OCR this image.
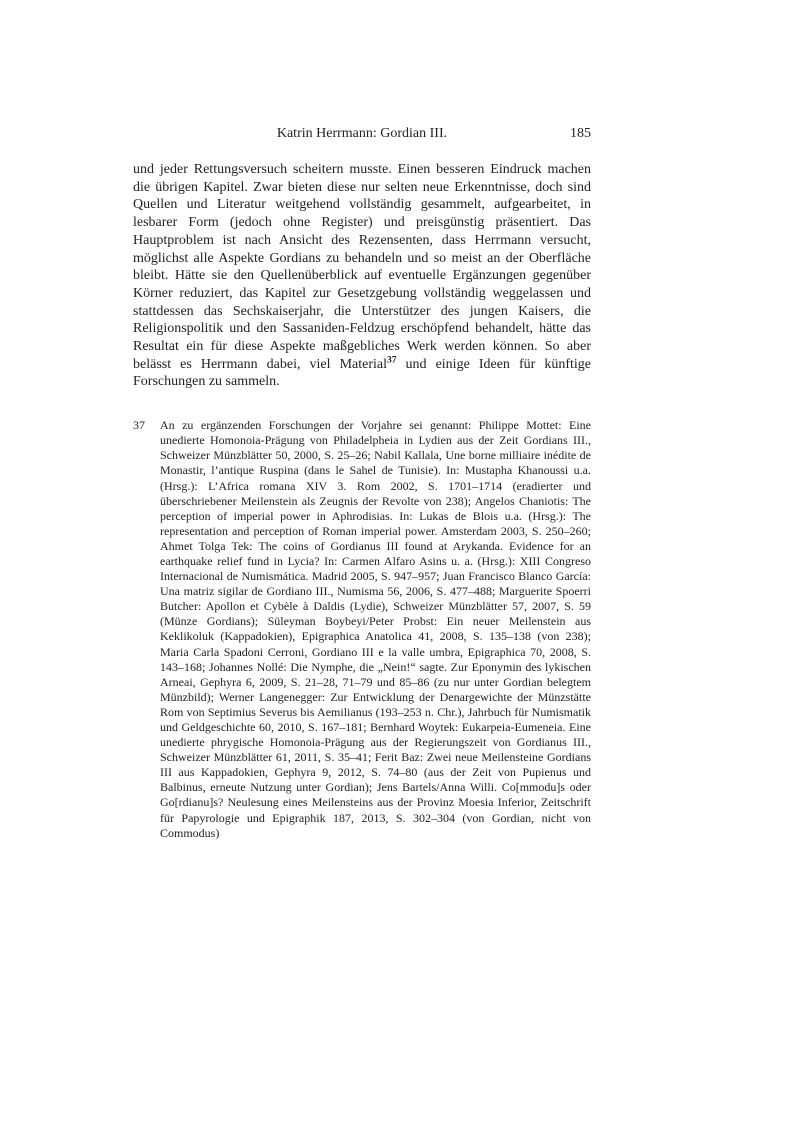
Katrin Herrmann: Gordian III.	185

und jeder Rettungsversuch scheitern musste. Einen besseren Eindruck machen die übrigen Kapitel. Zwar bieten diese nur selten neue Erkenntnisse, doch sind Quellen und Literatur weitgehend vollständig gesammelt, aufgearbeitet, in lesbarer Form (jedoch ohne Register) und preisgünstig präsentiert. Das Hauptproblem ist nach Ansicht des Rezensenten, dass Herrmann versucht, möglichst alle Aspekte Gordians zu behandeln und so meist an der Oberfläche bleibt. Hätte sie den Quellenüberblick auf eventuelle Ergänzungen gegenüber Körner reduziert, das Kapitel zur Gesetzgebung vollständig weggelassen und stattdessen das Sechskaiserjahr, die Unterstützer des jungen Kaisers, die Religionspolitik und den Sassaniden-Feldzug erschöpfend behandelt, hätte das Resultat ein für diese Aspekte maßgebliches Werk werden können. So aber belässt es Herrmann dabei, viel Material$^{37}$ und einige Ideen für künftige Forschungen zu sammeln.

37	An zu ergänzenden Forschungen der Vorjahre sei genannt: Philippe Mottet: Eine unedierte Homonoia-Prägung von Philadelpheia in Lydien aus der Zeit Gordians III., Schweizer Münzblätter 50, 2000, S. 25–26; Nabil Kallala, Une borne milliaire inédite de Monastir, l’antique Ruspina (dans le Sahel de Tunisie). In: Mustapha Khanoussi u.a. (Hrsg.): L’Africa romana XIV 3. Rom 2002, S. 1701–1714 (eradierter und überschriebener Meilenstein als Zeugnis der Revolte von 238); Angelos Chaniotis: The perception of imperial power in Aphrodisias. In: Lukas de Blois u.a. (Hrsg.): The representation and perception of Roman imperial power. Amsterdam 2003, S. 250–260; Ahmet Tolga Tek: The coins of Gordianus III found at Arykanda. Evidence for an earthquake relief fund in Lycia? In: Carmen Alfaro Asins u. a. (Hrsg.): XIII Congreso Internacional de Numismática. Madrid 2005, S. 947–957; Juan Francisco Blanco García: Una matriz sigilar de Gordiano III., Numisma 56, 2006, S. 477–488; Marguerite Spoerri Butcher: Apollon et Cybèle à Daldis (Lydie), Schweizer Münzblätter 57, 2007, S. 59 (Münze Gordians); Süleyman Boybeyi/Peter Probst: Ein neuer Meilenstein aus Keklikoluk (Kappadokien), Epigraphica Anatolica 41, 2008, S. 135–138 (von 238); Maria Carla Spadoni Cerroni, Gordiano III e la valle umbra, Epigraphica 70, 2008, S. 143–168; Johannes Nollé: Die Nymphe, die „Nein!“ sagte. Zur Eponymin des lykischen Arneai, Gephyra 6, 2009, S. 21–28, 71–79 und 85–86 (zu nur unter Gordian belegtem Münzbild); Werner Langenegger: Zur Entwicklung der Denargewichte der Münzstätte Rom von Septimius Severus bis Aemilianus (193–253 n. Chr.), Jahrbuch für Numismatik und Geldgeschichte 60, 2010, S. 167–181; Bernhard Woytek: Eukarpeia-Eumeneia. Eine unedierte phrygische Homonoia-Prägung aus der Regierungszeit von Gordianus III., Schweizer Münzblätter 61, 2011, S. 35–41; Ferit Baz: Zwei neue Meilensteine Gordians III aus Kappadokien, Gephyra 9, 2012, S. 74–80 (aus der Zeit von Pupienus und Balbinus, erneute Nutzung unter Gordian); Jens Bartels/Anna Willi. Co[mmodu]s oder Go[rdianu]s? Neulesung eines Meilensteins aus der Provinz Moesia Inferior, Zeitschrift für Papyrologie und Epigraphik 187, 2013, S. 302–304 (von Gordian, nicht von Commodus)
